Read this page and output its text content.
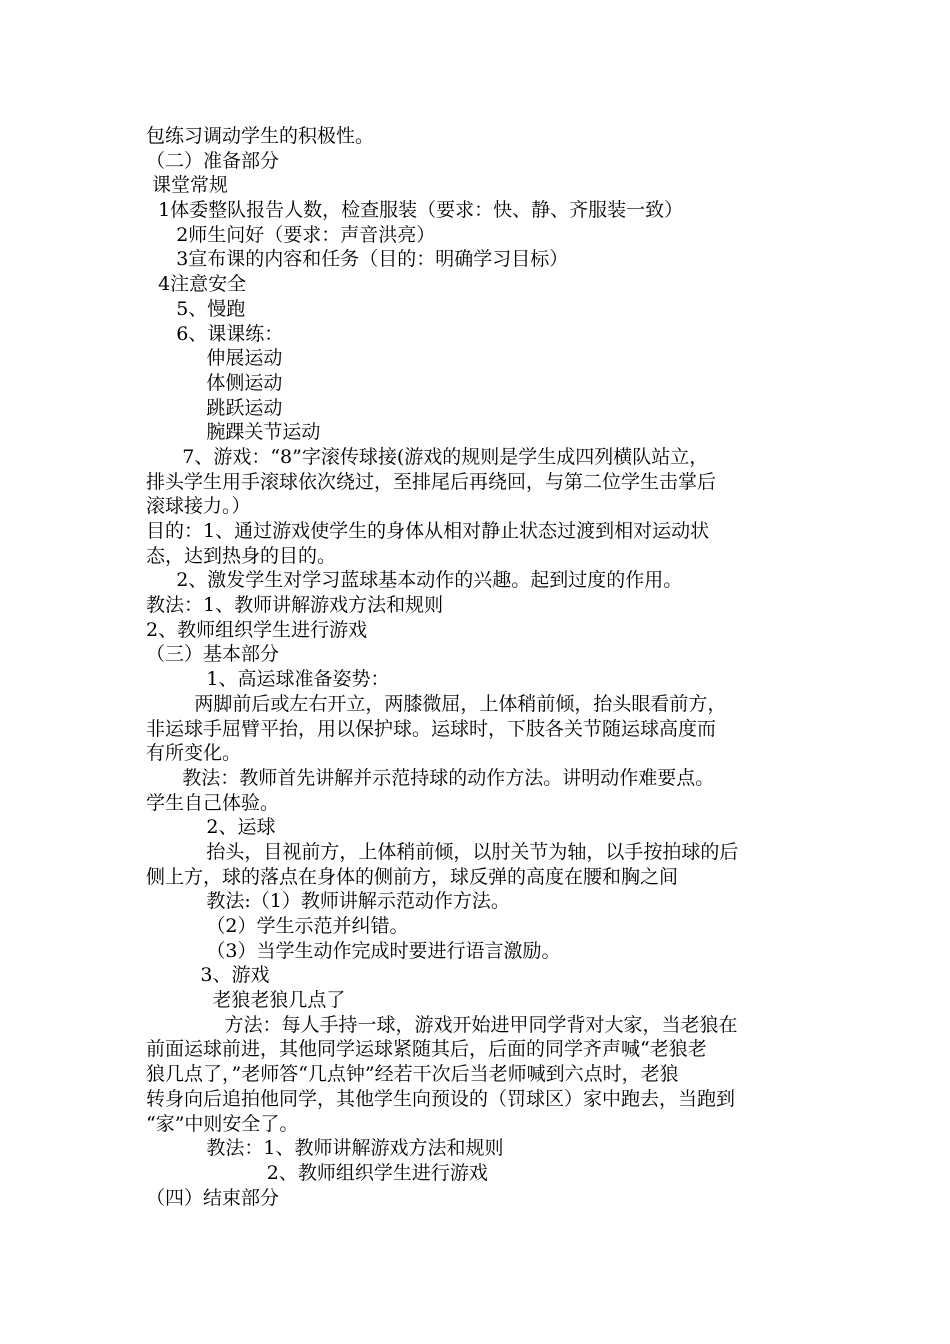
包练习调动学生的积极性。
（二）准备部分
课堂常规
1体委整队报告人数，检查服装（要求：快、静、齐服装一致）
2师生问好（要求：声音洪亮）
3宣布课的内容和任务（目的：明确学习目标）
4注意安全
5、慢跑
6、课课练：
伸展运动
体侧运动
跳跃运动
腕踝关节运动
7、游戏：“8”字滚传球接(游戏的规则是学生成四列横队站立，
排头学生用手滚球依次绕过，至排尾后再绕回，与第二位学生击掌后
滚球接力。）
目的：1、通过游戏使学生的身体从相对静止状态过渡到相对运动状
态，达到热身的目的。
2、激发学生对学习蓝球基本动作的兴趣。起到过度的作用。
教法：1、教师讲解游戏方法和规则
2、教师组织学生进行游戏
（三）基本部分
1、高运球准备姿势：
两脚前后或左右开立，两膝微屈，上体稍前倾，抬头眼看前方，
非运球手屈臂平抬，用以保护球。运球时，下肢各关节随运球高度而
有所变化。
教法：教师首先讲解并示范持球的动作方法。讲明动作难要点。
学生自己体验。
2、运球
抬头，目视前方，上体稍前倾，以肘关节为轴，以手按拍球的后
侧上方，球的落点在身体的侧前方，球反弹的高度在腰和胸之间
教法:（1）教师讲解示范动作方法。
（2）学生示范并纠错。
（3）当学生动作完成时要进行语言激励。
3、游戏
老狼老狼几点了
方法：每人手持一球，游戏开始进甲同学背对大家，当老狼在
前面运球前进，其他同学运球紧随其后，后面的同学齐声喊“老狼老
狼几点了，”老师答“几点钟”经若干次后当老师喊到六点时，老狼
转身向后追拍他同学，其他学生向预设的（罚球区）家中跑去，当跑到
“家”中则安全了。
教法：1、教师讲解游戏方法和规则
2、教师组织学生进行游戏
（四）结束部分
